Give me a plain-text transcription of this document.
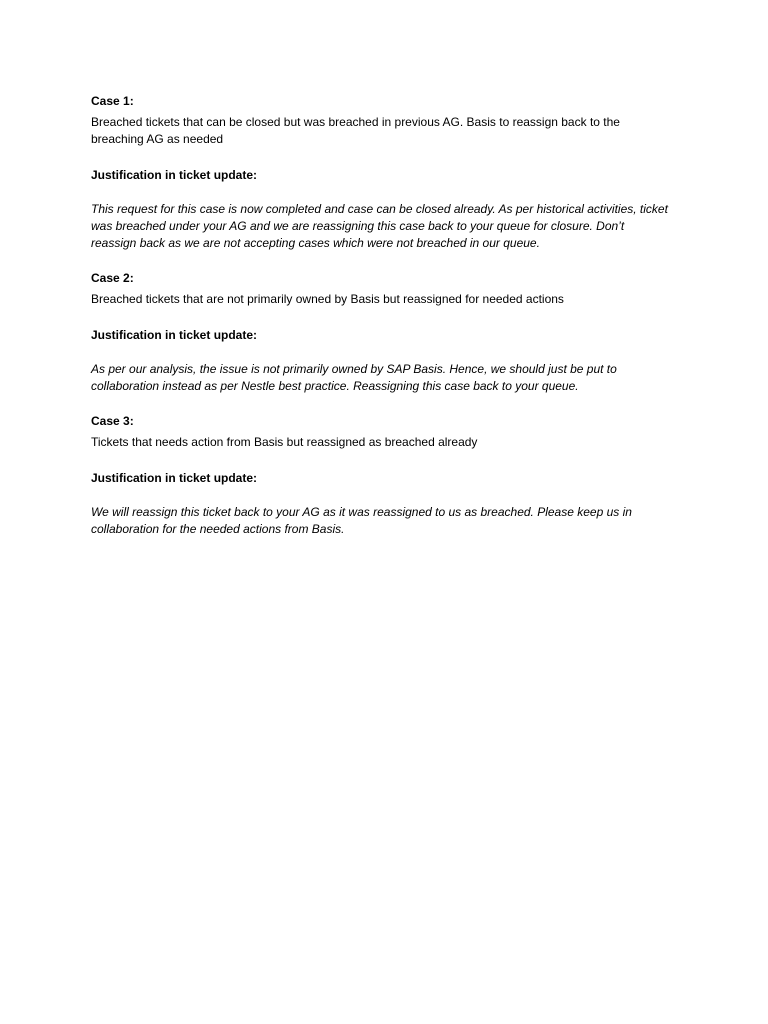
Case 1:

Breached tickets that can be closed but was breached in previous AG. Basis to reassign back to the breaching AG as needed

Justification in ticket update:

This request for this case is now completed and case can be closed already. As per historical activities, ticket was breached under your AG and we are reassigning this case back to your queue for closure. Don’t reassign back as we are not accepting cases which were not breached in our queue.

Case 2:

Breached tickets that are not primarily owned by Basis but reassigned for needed actions

Justification in ticket update:

As per our analysis, the issue is not primarily owned by SAP Basis. Hence, we should just be put to collaboration instead as per Nestle best practice. Reassigning this case back to your queue.

Case 3:

Tickets that needs action from Basis but reassigned as breached already

Justification in ticket update:

We will reassign this ticket back to your AG as it was reassigned to us as breached. Please keep us in collaboration for the needed actions from Basis.
